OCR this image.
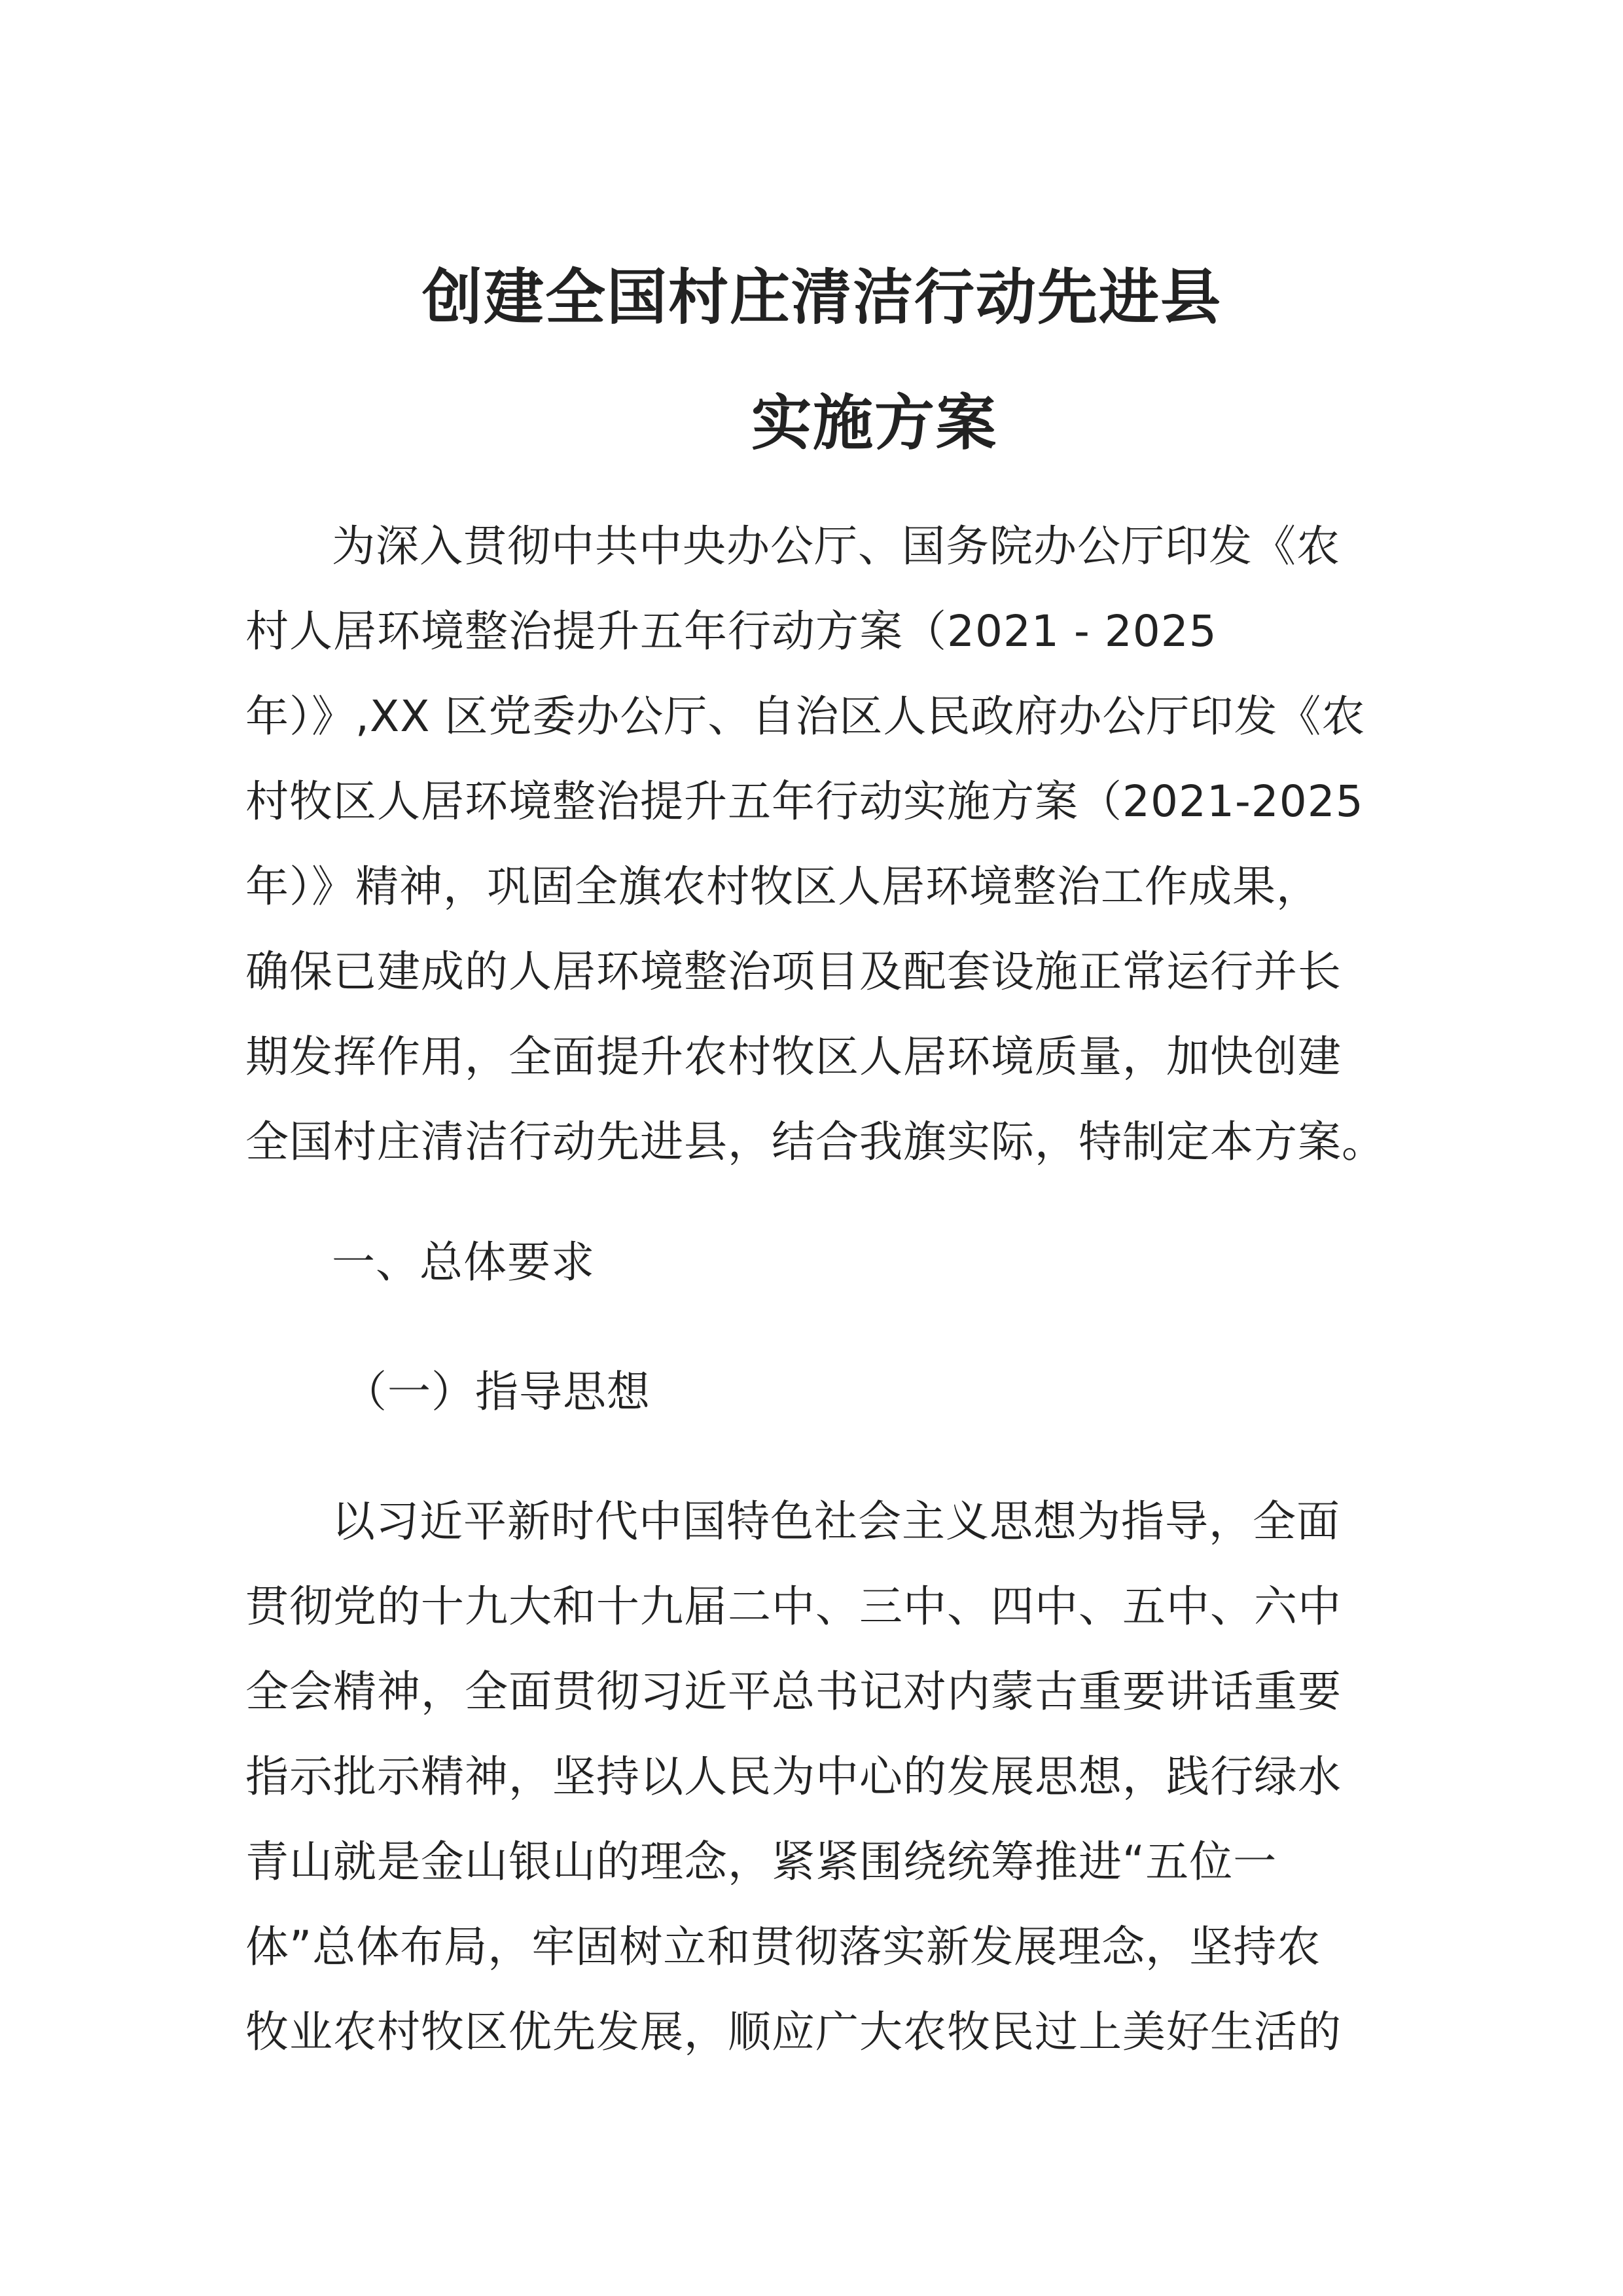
创建全国村庄清洁行动先进县
实施方案
为深入贯彻中共中央办公厅、国务院办公厅印发《农
村人居环境整治提升五年行动方案（2021 - 2025
年）》,XX 区党委办公厅、自治区人民政府办公厅印发《农
村牧区人居环境整治提升五年行动实施方案（2021-2025
年）》精神，巩固全旗农村牧区人居环境整治工作成果，
确保已建成的人居环境整治项目及配套设施正常运行并长
期发挥作用，全面提升农村牧区人居环境质量，加快创建
全国村庄清洁行动先进县，结合我旗实际，特制定本方案。
一、总体要求
（一）指导思想
以习近平新时代中国特色社会主义思想为指导，全面
贯彻党的十九大和十九届二中、三中、四中、五中、六中
全会精神，全面贯彻习近平总书记对内蒙古重要讲话重要
指示批示精神，坚持以人民为中心的发展思想，践行绿水
青山就是金山银山的理念，紧紧围绕统筹推进“五位一
体”总体布局，牢固树立和贯彻落实新发展理念，坚持农
牧业农村牧区优先发展，顺应广大农牧民过上美好生活的
